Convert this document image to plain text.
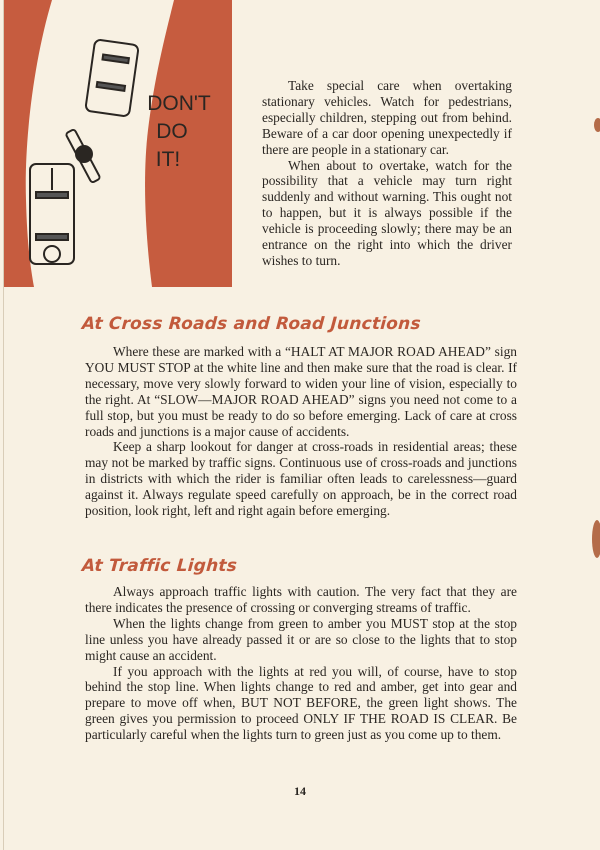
DON'T
DO
IT!

Take special care when overtaking stationary vehicles. Watch for pedestrians, especially children, stepping out from behind. Beware of a car door opening unexpectedly if there are people in a stationary car.

When about to overtake, watch for the possibility that a vehicle may turn right suddenly and without warning. This ought not to happen, but it is always possible if the vehicle is proceeding slowly; there may be an entrance on the right into which the driver wishes to turn.

At Cross Roads and Road Junctions

Where these are marked with a “HALT AT MAJOR ROAD AHEAD” sign YOU MUST STOP at the white line and then make sure that the road is clear. If necessary, move very slowly forward to widen your line of vision, especially to the right. At “SLOW—MAJOR ROAD AHEAD” signs you need not come to a full stop, but you must be ready to do so before emerging. Lack of care at cross roads and junctions is a major cause of accidents.

Keep a sharp lookout for danger at cross-roads in residential areas; these may not be marked by traffic signs. Continuous use of cross-roads and junctions in districts with which the rider is familiar often leads to carelessness—guard against it. Always regulate speed carefully on approach, be in the correct road position, look right, left and right again before emerging.

At Traffic Lights

Always approach traffic lights with caution. The very fact that they are there indicates the presence of crossing or converging streams of traffic.

When the lights change from green to amber you MUST stop at the stop line unless you have already passed it or are so close to the lights that to stop might cause an accident.

If you approach with the lights at red you will, of course, have to stop behind the stop line. When lights change to red and amber, get into gear and prepare to move off when, BUT NOT BEFORE, the green light shows. The green gives you permission to proceed ONLY IF THE ROAD IS CLEAR. Be particularly careful when the lights turn to green just as you come up to them.

14
